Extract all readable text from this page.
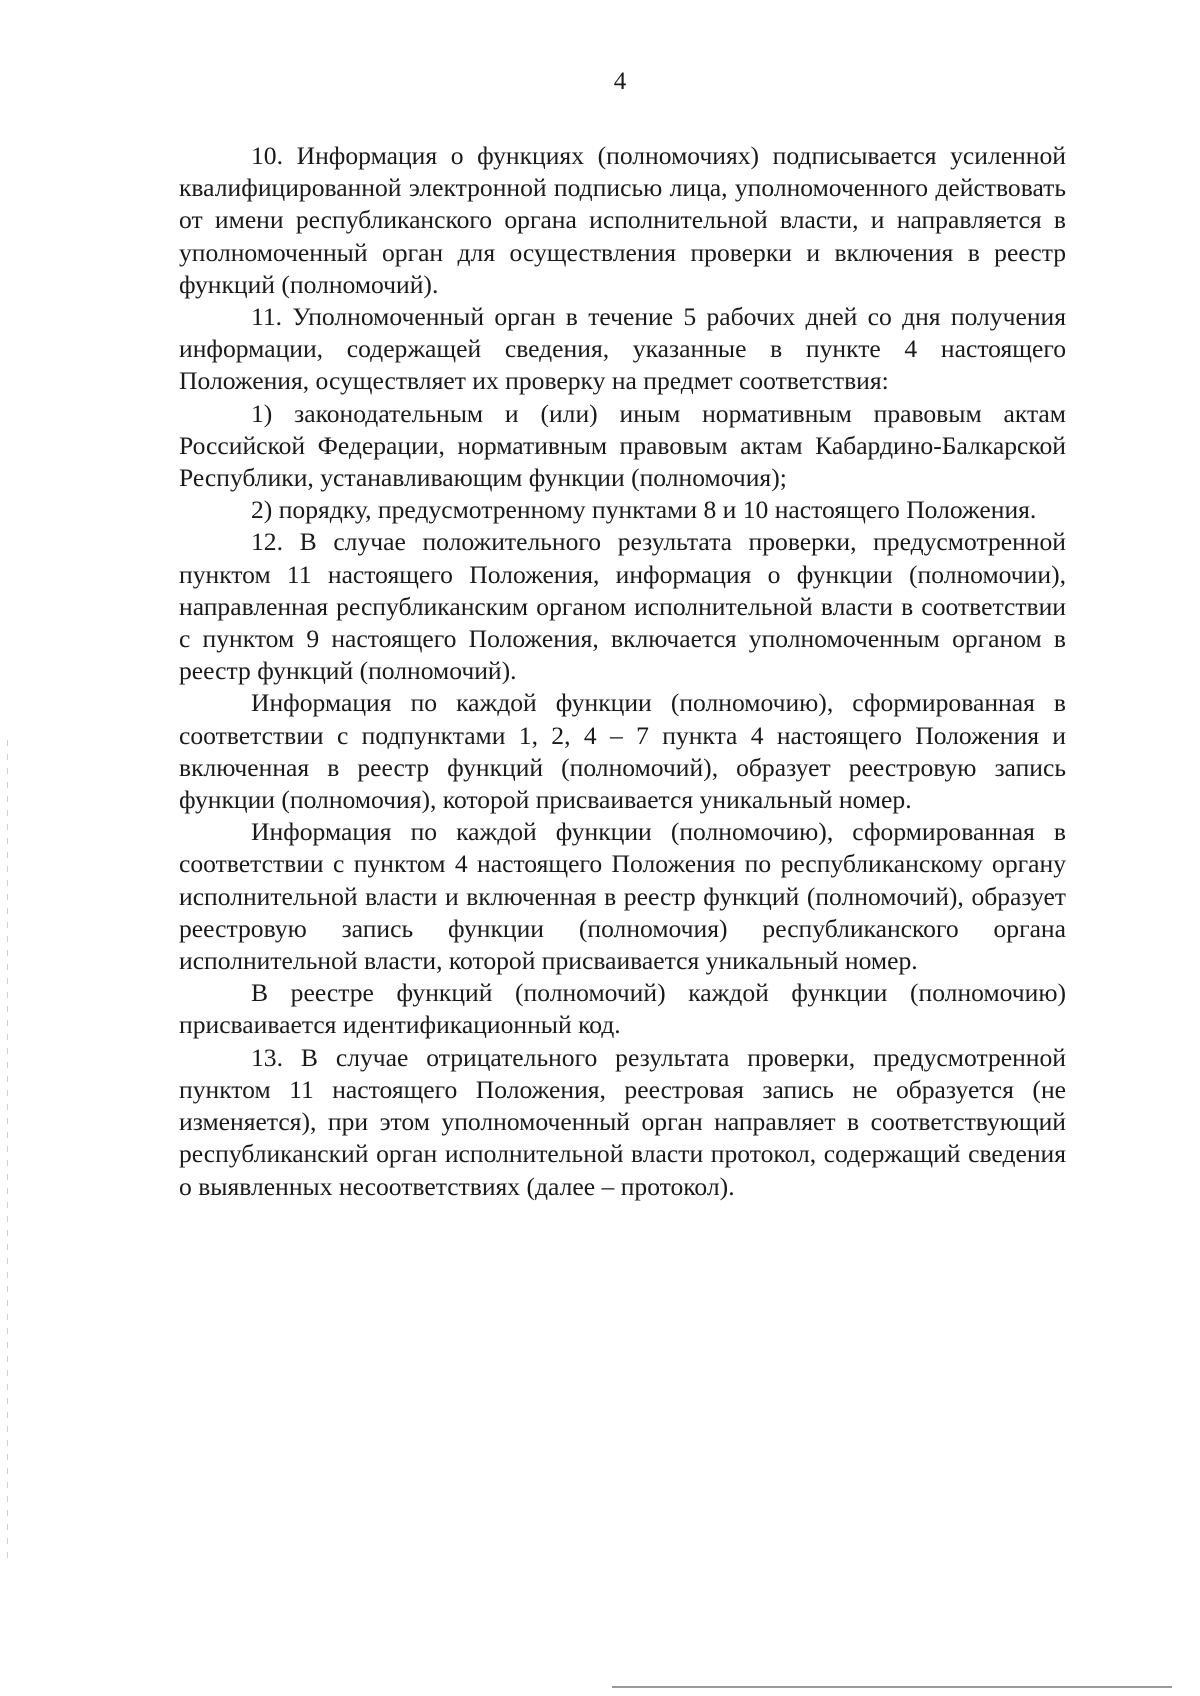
4

10. Информация о функциях (полномочиях) подписывается усиленной квалифицированной электронной подписью лица, уполномоченного действовать от имени республиканского органа исполнительной власти, и направляется в уполномоченный орган для осуществления проверки и включения в реестр функций (полномочий).

11. Уполномоченный орган в течение 5 рабочих дней со дня получения информации, содержащей сведения, указанные в пункте 4 настоящего Положения, осуществляет их проверку на предмет соответствия:

1) законодательным и (или) иным нормативным правовым актам Российской Федерации, нормативным правовым актам Кабардино-Балкарской Республики, устанавливающим функции (полномочия);

2) порядку, предусмотренному пунктами 8 и 10 настоящего Положения.

12. В случае положительного результата проверки, предусмотренной пунктом 11 настоящего Положения, информация о функции (полномочии), направленная республиканским органом исполнительной власти в соответствии с пунктом 9 настоящего Положения, включается уполномоченным органом в реестр функций (полномочий).

Информация по каждой функции (полномочию), сформированная в соответствии с подпунктами 1, 2, 4 – 7 пункта 4 настоящего Положения и включенная в реестр функций (полномочий), образует реестровую запись функции (полномочия), которой присваивается уникальный номер.

Информация по каждой функции (полномочию), сформированная в соответствии с пунктом 4 настоящего Положения по республиканскому органу исполнительной власти и включенная в реестр функций (полномочий), образует реестровую запись функции (полномочия) республиканского органа исполнительной власти, которой присваивается уникальный номер.

В реестре функций (полномочий) каждой функции (полномочию) присваивается идентификационный код.

13. В случае отрицательного результата проверки, предусмотренной пунктом 11 настоящего Положения, реестровая запись не образуется (не изменяется), при этом уполномоченный орган направляет в соответствующий республиканский орган исполнительной власти протокол, содержащий сведения о выявленных несоответствиях (далее – протокол).
